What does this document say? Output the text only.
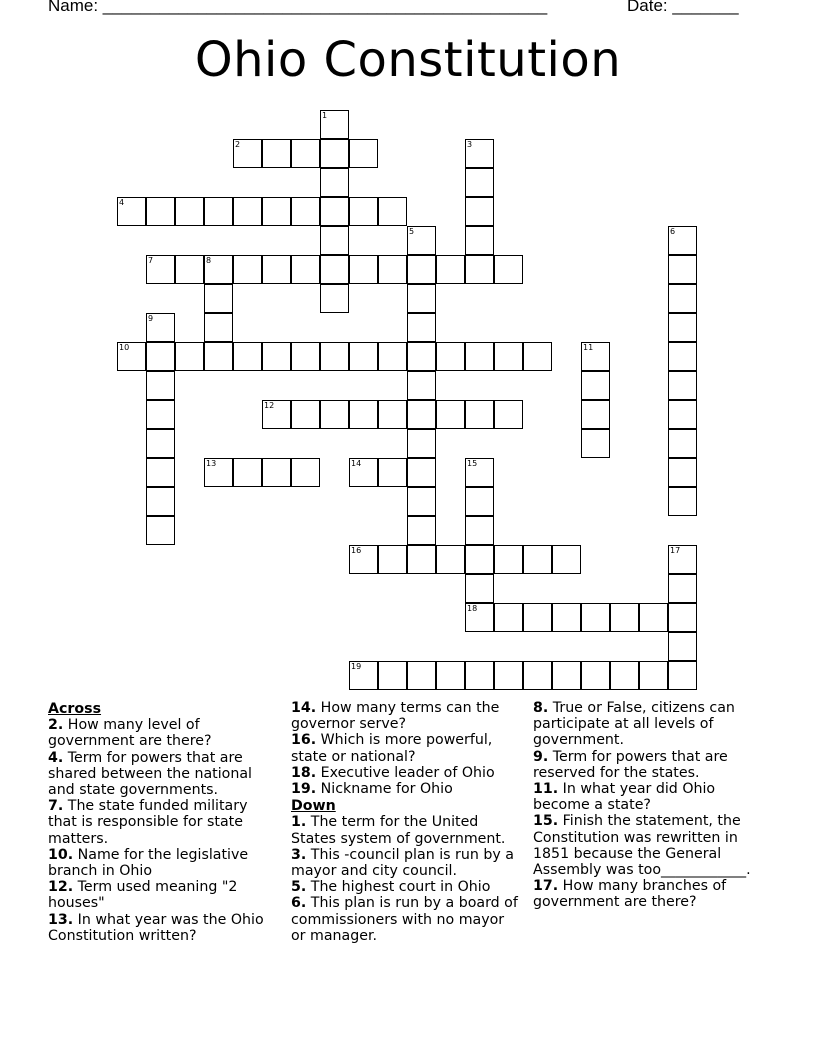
Name: _______________________________________________	Date: _______
Ohio Constitution
1
2	3
4
5	6
7	8
9
10	11
12
13	14	15
16	17
18
19
Across
2. How many level of government are there?
4. Term for powers that are shared between the national and state governments.
7. The state funded military that is responsible for state matters.
10. Name for the legislative branch in Ohio
12. Term used meaning "2 houses"
13. In what year was the Ohio Constitution written?
14. How many terms can the governor serve?
16. Which is more powerful, state or national?
18. Executive leader of Ohio
19. Nickname for Ohio
Down
1. The term for the United States system of government.
3. This -council plan is run by a mayor and city council.
5. The highest court in Ohio
6. This plan is run by a board of commissioners with no mayor or manager.
8. True or False, citizens can participate at all levels of government.
9. Term for powers that are reserved for the states.
11. In what year did Ohio become a state?
15. Finish the statement, the Constitution was rewritten in 1851 because the General Assembly was too____________.
17. How many branches of government are there?
